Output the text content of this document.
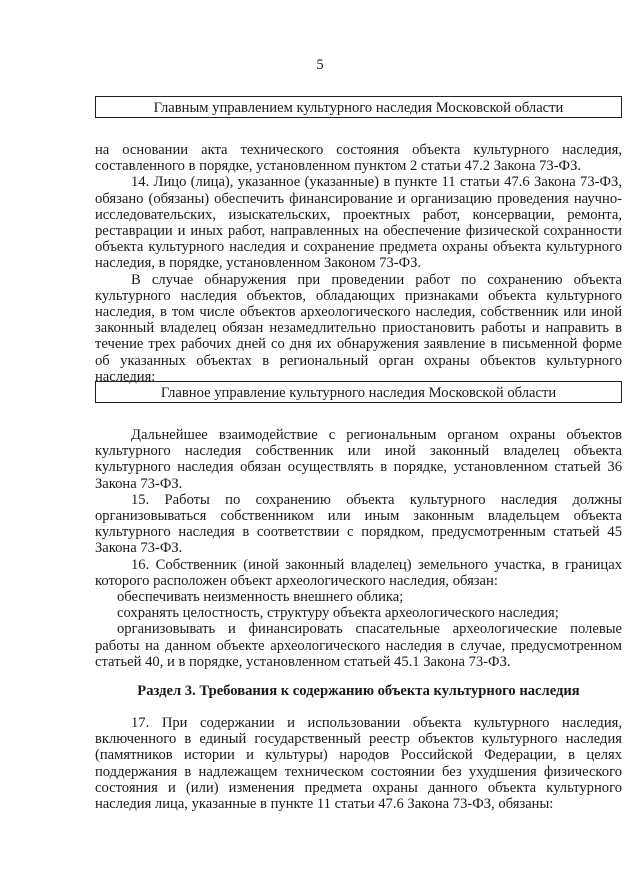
5
Главным управлением культурного наследия Московской области

на основании акта технического состояния объекта культурного наследия, составленного в порядке, установленном пунктом 2 статьи 47.2 Закона 73-ФЗ.

14. Лицо (лица), указанное (указанные) в пункте 11 статьи 47.6 Закона 73-ФЗ, обязано (обязаны) обеспечить финансирование и организацию проведения научно-исследовательских, изыскательских, проектных работ, консервации, ремонта, реставрации и иных работ, направленных на обеспечение физической сохранности объекта культурного наследия и сохранение предмета охраны объекта культурного наследия, в порядке, установленном Законом 73-ФЗ.

В случае обнаружения при проведении работ по сохранению объекта культурного наследия объектов, обладающих признаками объекта культурного наследия, в том числе объектов археологического наследия, собственник или иной законный владелец обязан незамедлительно приостановить работы и направить в течение трех рабочих дней со дня их обнаружения заявление в письменной форме об указанных объектах в региональный орган охраны объектов культурного наследия:

Главное управление культурного наследия Московской области

Дальнейшее взаимодействие с региональным органом охраны объектов культурного наследия собственник или иной законный владелец объекта культурного наследия обязан осуществлять в порядке, установленном статьей 36 Закона 73-ФЗ.

15. Работы по сохранению объекта культурного наследия должны организовываться собственником или иным законным владельцем объекта культурного наследия в соответствии с порядком, предусмотренным статьей 45 Закона 73-ФЗ.

16. Собственник (иной законный владелец) земельного участка, в границах которого расположен объект археологического наследия, обязан:

обеспечивать неизменность внешнего облика;

сохранять целостность, структуру объекта археологического наследия;

организовывать и финансировать спасательные археологические полевые работы на данном объекте археологического наследия в случае, предусмотренном статьей 40, и в порядке, установленном статьей 45.1 Закона 73-ФЗ.

Раздел 3. Требования к содержанию объекта культурного наследия

17. При содержании и использовании объекта культурного наследия, включенного в единый государственный реестр объектов культурного наследия (памятников истории и культуры) народов Российской Федерации, в целях поддержания в надлежащем техническом состоянии без ухудшения физического состояния и (или) изменения предмета охраны данного объекта культурного наследия лица, указанные в пункте 11 статьи 47.6 Закона 73-ФЗ, обязаны:
